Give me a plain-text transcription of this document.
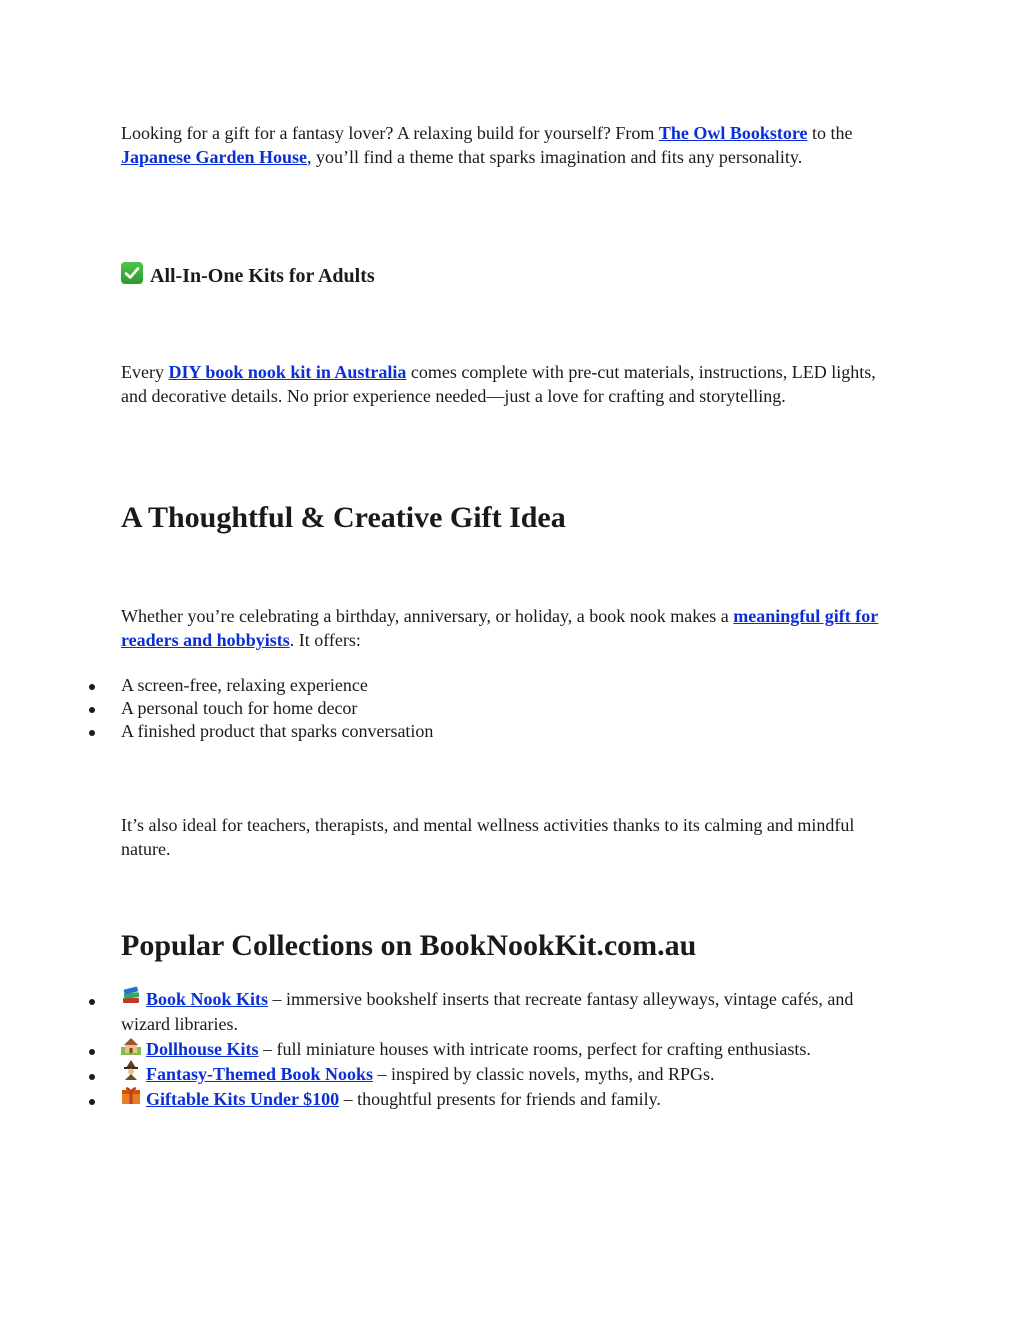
Looking for a gift for a fantasy lover? A relaxing build for yourself? From The Owl Bookstore to the Japanese Garden House, you’ll find a theme that sparks imagination and fits any personality.

All-In-One Kits for Adults

Every DIY book nook kit in Australia comes complete with pre-cut materials, instructions, LED lights, and decorative details. No prior experience needed—just a love for crafting and storytelling.

A Thoughtful & Creative Gift Idea

Whether you’re celebrating a birthday, anniversary, or holiday, a book nook makes a meaningful gift for readers and hobbyists. It offers:

A screen-free, relaxing experience
A personal touch for home decor
A finished product that sparks conversation

It’s also ideal for teachers, therapists, and mental wellness activities thanks to its calming and mindful nature.

Popular Collections on BookNookKit.com.au
Book Nook Kits – immersive bookshelf inserts that recreate fantasy alleyways, vintage cafés, and wizard libraries.
Dollhouse Kits – full miniature houses with intricate rooms, perfect for crafting enthusiasts.
Fantasy-Themed Book Nooks – inspired by classic novels, myths, and RPGs.
Giftable Kits Under $100 – thoughtful presents for friends and family.
